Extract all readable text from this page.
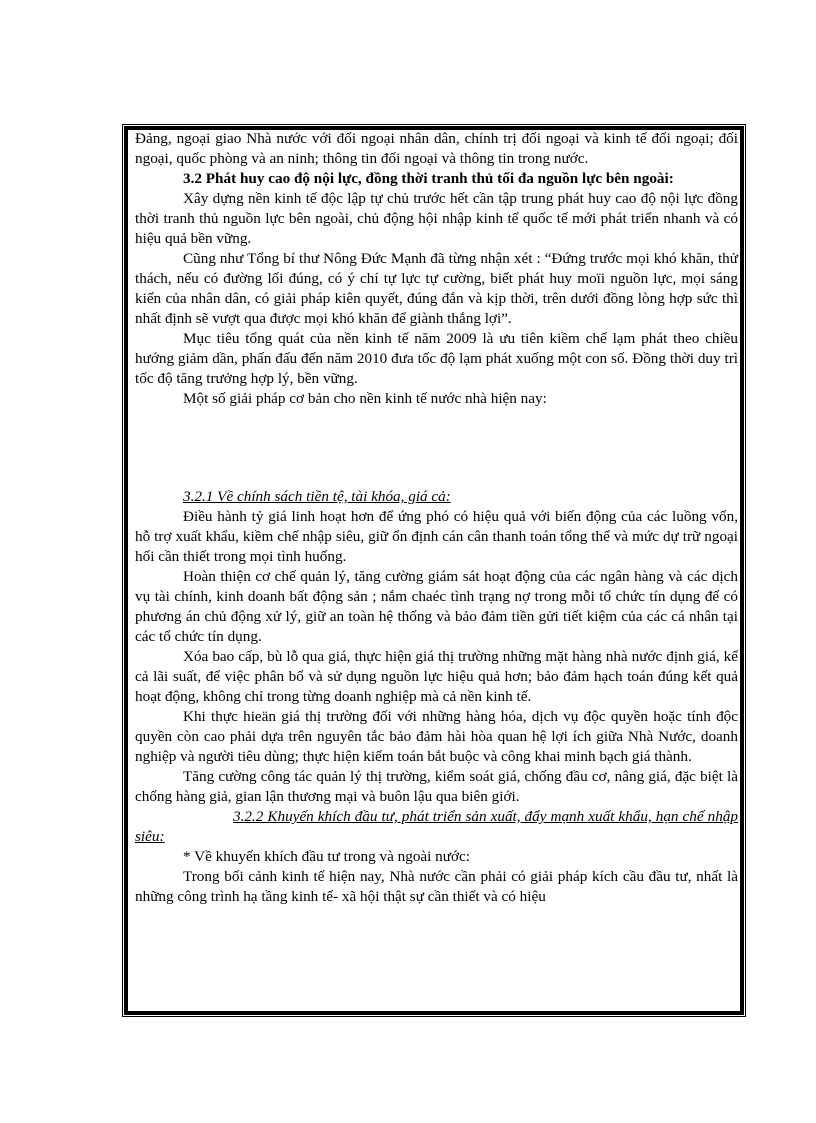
Đảng, ngoại giao Nhà nước với đối ngoại nhân dân, chính trị đối ngoại và kinh tế đối ngoại; đối ngoại, quốc phòng và an ninh; thông tin đối ngoại và thông tin trong nước.

3.2 Phát huy cao độ nội lực, đồng thời tranh thủ tối đa nguồn lực bên ngoài:

Xây dựng nền kinh tế độc lập tự chủ trước hết cần tập trung phát huy cao độ nội lực đồng thời tranh thủ nguồn lực bên ngoài, chủ động hội nhập kinh tế quốc tế mới phát triển nhanh và có hiệu quả bền vững.

Cũng như Tổng bí thư Nông Đức Mạnh đã từng nhận xét : “Đứng trước mọi khó khăn, thử thách, nếu có đường lối đúng, có ý chí tự lực tự cường, biết phát huy moïi nguồn lực, mọi sáng kiến của nhân dân, có giải pháp kiên quyết, đúng đắn và kịp thời, trên dưới đồng lòng hợp sức thì nhất định sẽ vượt qua được mọi khó khăn để giành thắng lợi”.

Mục tiêu tổng quát của nền kinh tế năm 2009 là ưu tiên kiềm chế lạm phát theo chiều hướng giảm dần, phấn đấu đến năm 2010 đưa tốc độ lạm phát xuống một con số. Đồng thời duy trì tốc độ tăng trưởng hợp lý, bền vững.

Một số giải pháp cơ bản cho nền kinh tế nước nhà hiện nay:

3.2.1 Về chính sách tiền tệ, tài khóa, giá cả:

Điều hành tỷ giá linh hoạt hơn để ứng phó có hiệu quả với biến động của các luồng vốn, hỗ trợ xuất khẩu, kiềm chế nhập siêu, giữ ổn định cán cân thanh toán tổng thể và mức dự trữ ngoại hối cần thiết trong mọi tình huống.

Hoàn thiện cơ chế quản lý, tăng cường giám sát hoạt động của các ngân hàng và các dịch vụ tài chính, kinh doanh bất động sản ; nắm chaéc tình trạng nợ trong mỗi tổ chức tín dụng để có phương án chủ động xử lý, giữ an toàn hệ thống và bảo đảm tiền gửi tiết kiệm của các cá nhân tại các tổ chức tín dụng.

Xóa bao cấp, bù lỗ qua giá, thực hiện giá thị trường những mặt hàng nhà nước định giá, kể cả lãi suất, để việc phân bổ và sử dụng nguồn lực hiệu quả hơn; bảo đảm hạch toán đúng kết quả hoạt động, không chỉ trong từng doanh nghiệp mà cả nền kinh tế.

Khi thực hieän giá thị trường đối với những hàng hóa, dịch vụ độc quyền hoặc tính độc quyền còn cao phải dựa trên nguyên tắc bảo đảm hài hòa quan hệ lợi ích giữa Nhà Nước, doanh nghiệp và người tiêu dùng; thực hiện kiểm toán bắt buộc và công khai minh bạch giá thành.

Tăng cường công tác quản lý thị trường, kiểm soát giá, chống đầu cơ, nâng giá, đặc biệt là chống hàng giả, gian lận thương mại và buôn lậu qua biên giới.

3.2.2 Khuyến khích đầu tư, phát triển sản xuất, đẩy mạnh xuất khẩu, hạn chế nhập siêu:

* Về khuyến khích đầu tư trong và ngoài nước:

Trong bối cảnh kinh tế hiện nay, Nhà nước cần phải có giải pháp kích cầu đầu tư, nhất là những công trình hạ tầng kinh tế- xã hội thật sự cần thiết và có hiệu
